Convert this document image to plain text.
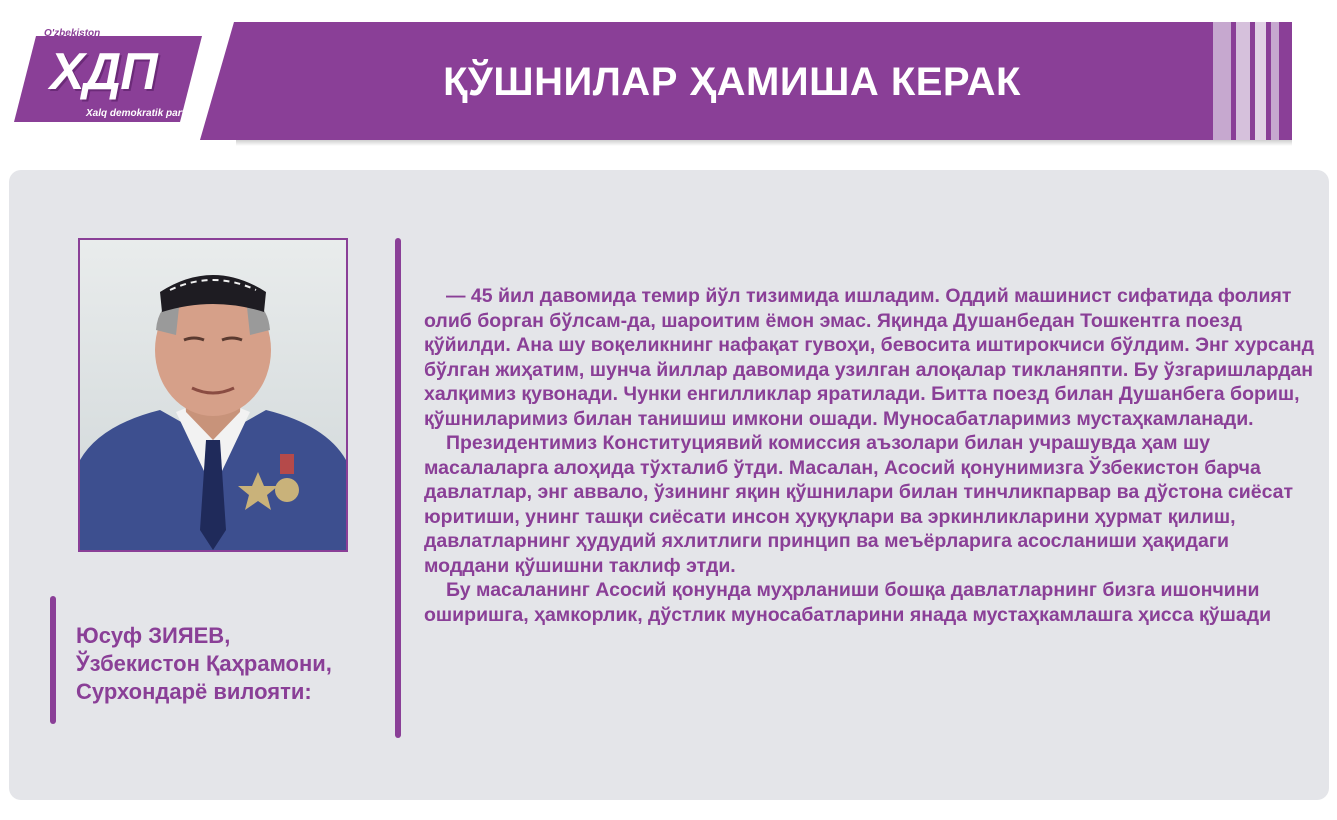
O'zbekiston
ХДП
Xalq demokratik partiyasi
ҚЎШНИЛАР ҲАМИША КЕРАК
Юсуф ЗИЯЕВ,
Ўзбекистон Қаҳрамони,
Сурхондарё вилояти:

— 45 йил давомида темир йўл тизимида ишладим. Оддий машинист сифатида фолият олиб борган бўлсам-да, шароитим ёмон эмас. Яқинда Душанбедан Тошкентга поезд қўйилди. Ана шу воқеликнинг нафақат гувоҳи, бевосита иштирокчиси бўлдим. Энг хурсанд бўлган жиҳатим, шунча йиллар давомида узилган алоқалар тикланяпти. Бу ўзгаришлардан халқимиз қувонади. Чунки енгилликлар яратилади. Битта поезд билан Душанбега бориш, қўшниларимиз билан танишиш имкони ошади. Муносабатларимиз мустаҳкамланади.

Президентимиз Конституциявий комиссия аъзолари билан учрашувда ҳам шу масалаларга алоҳида тўхталиб ўтди. Масалан, Асосий қонунимизга Ўзбекистон барча давлатлар, энг аввало, ўзининг яқин қўшнилари билан тинчликпарвар ва дўстона сиёсат юритиши, унинг ташқи сиёсати инсон ҳуқуқлари ва эркинликларини ҳурмат қилиш, давлатларнинг ҳудудий яхлитлиги принцип ва меъёрларига асосланиши ҳақидаги моддани қўшишни таклиф этди.

Бу масаланинг Асосий қонунда муҳрланиши бошқа давлатларнинг бизга ишончини оширишга, ҳамкорлик, дўстлик муносабатларини янада мустаҳкамлашга ҳисса қўшади
